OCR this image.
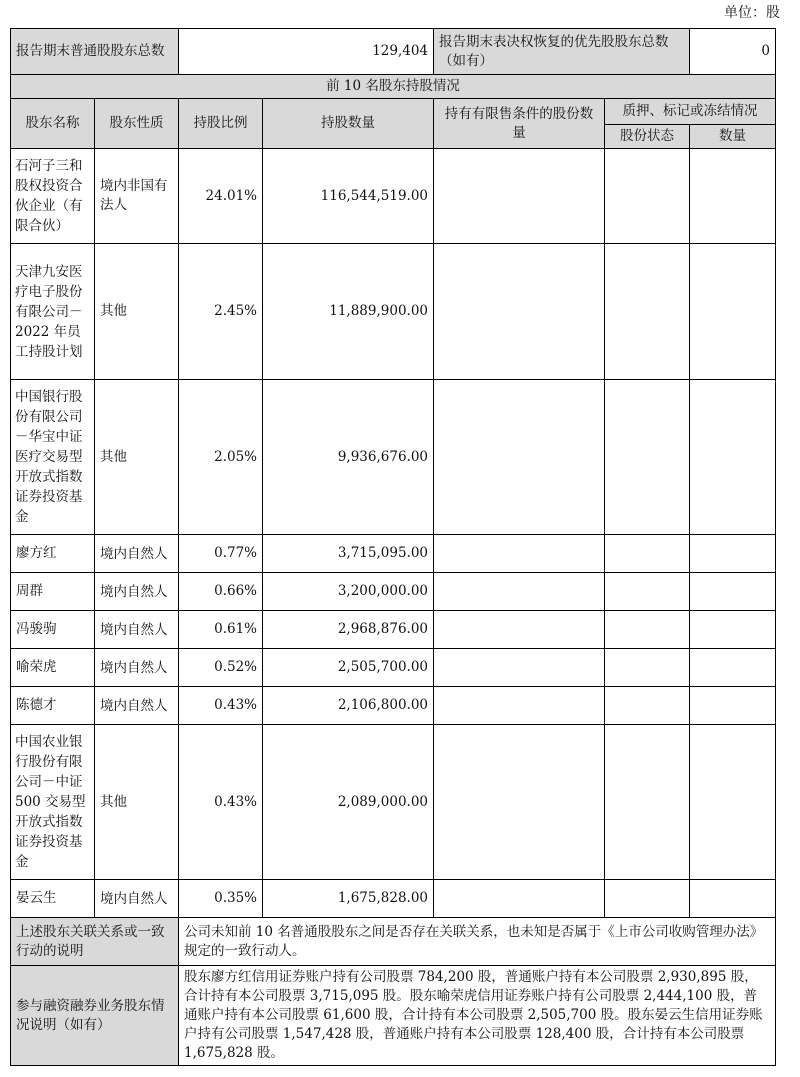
单位：股
报告期末普通股股东总数		129,404		报告期末表决权恢复的优先股股东总数（如有）		0
前 10 名股东持股情况						
股东名称	股东性质	持股比例	持股数量	持有有限售条件的股份数量	质押、标记或冻结情况	
					股份状态	数量
石河子三和股权投资合伙企业（有限合伙）	境内非国有法人	24.01%	116,544,519.00			
天津九安医疗电子股份有限公司－2022 年员工持股计划	其他	2.45%	11,889,900.00			
中国银行股份有限公司－华宝中证医疗交易型开放式指数证券投资基金	其他	2.05%	9,936,676.00			
廖方红	境内自然人	0.77%	3,715,095.00			
周群	境内自然人	0.66%	3,200,000.00			
冯骏驹	境内自然人	0.61%	2,968,876.00			
喻荣虎	境内自然人	0.52%	2,505,700.00			
陈德才	境内自然人	0.43%	2,106,800.00			
中国农业银行股份有限公司－中证 500 交易型开放式指数证券投资基金	其他	0.43%	2,089,000.00			
晏云生	境内自然人	0.35%	1,675,828.00			
上述股东关联关系或一致行动的说明		公司未知前 10 名普通股股东之间是否存在关联关系，也未知是否属于《上市公司收购管理办法》规定的一致行动人。				
参与融资融券业务股东情况说明（如有）		股东廖方红信用证券账户持有公司股票 784,200 股，普通账户持有本公司股票 2,930,895 股，合计持有本公司股票 3,715,095 股。股东喻荣虎信用证券账户持有公司股票 2,444,100 股，普通账户持有本公司股票 61,600 股，合计持有本公司股票 2,505,700 股。股东晏云生信用证券账户持有公司股票 1,547,428 股，普通账户持有本公司股票 128,400 股，合计持有本公司股票 1,675,828 股。				
